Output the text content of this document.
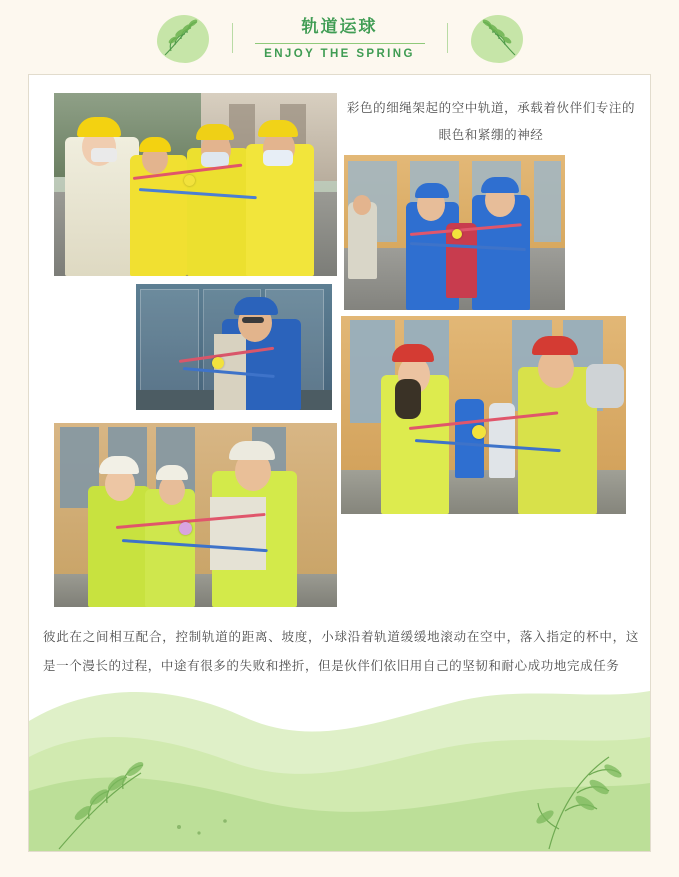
轨道运球
ENJOY THE SPRING
彩色的细绳架起的空中轨道，承载着伙伴们专注的眼色和紧绷的神经
彼此在之间相互配合，控制轨道的距离、坡度，小球沿着轨道缓缓地滚动在空中，落入指定的杯中，这是一个漫长的过程，中途有很多的失败和挫折，但是伙伴们依旧用自己的坚韧和耐心成功地完成任务
